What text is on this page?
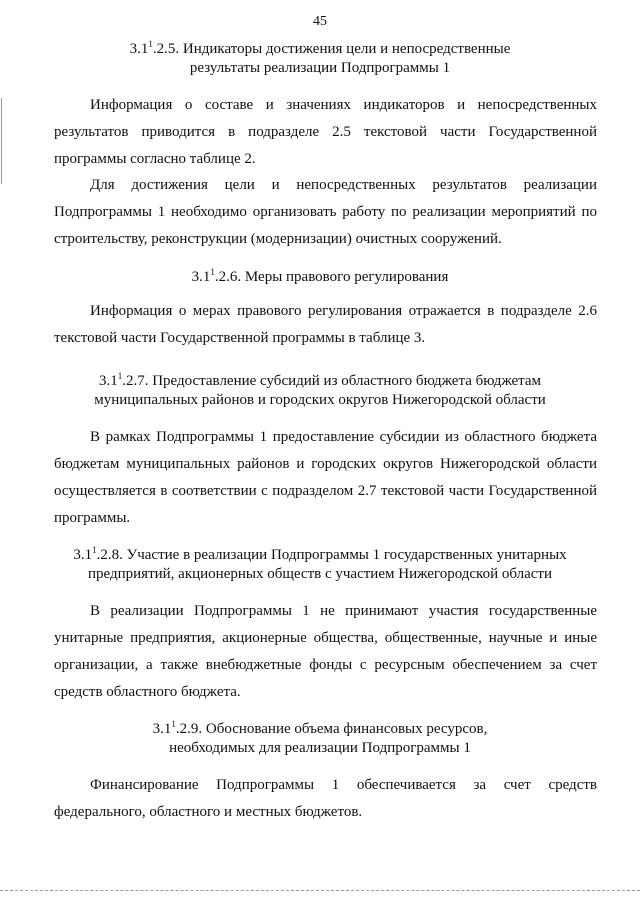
45
$3.1^1.2.5$. Индикаторы достижения цели и непосредственные
результаты реализации Подпрограммы 1

Информация о составе и значениях индикаторов и непосредственных результатов приводится в подразделе 2.5 текстовой части Государственной программы согласно таблице 2.

Для достижения цели и непосредственных результатов реализации Подпрограммы 1 необходимо организовать работу по реализации мероприятий по строительству, реконструкции (модернизации) очистных сооружений.

$3.1^1.2.6$. Меры правового регулирования

Информация о мерах правового регулирования отражается в подразделе 2.6 текстовой части Государственной программы в таблице 3.

$3.1^1.2.7$. Предоставление субсидий из областного бюджета бюджетам
муниципальных районов и городских округов Нижегородской области

В рамках Подпрограммы 1 предоставление субсидии из областного бюджета бюджетам муниципальных районов и городских округов Нижегородской области осуществляется в соответствии с подразделом 2.7 текстовой части Государственной программы.

$3.1^1.2.8$. Участие в реализации Подпрограммы 1 государственных унитарных
предприятий, акционерных обществ с участием Нижегородской области

В реализации Подпрограммы 1 не принимают участия государственные унитарные предприятия, акционерные общества, общественные, научные и иные организации, а также внебюджетные фонды с ресурсным обеспечением за счет средств областного бюджета.

$3.1^1.2.9$. Обоснование объема финансовых ресурсов,
необходимых для реализации Подпрограммы 1

Финансирование Подпрограммы 1 обеспечивается за счет средств федерального, областного и местных бюджетов.
